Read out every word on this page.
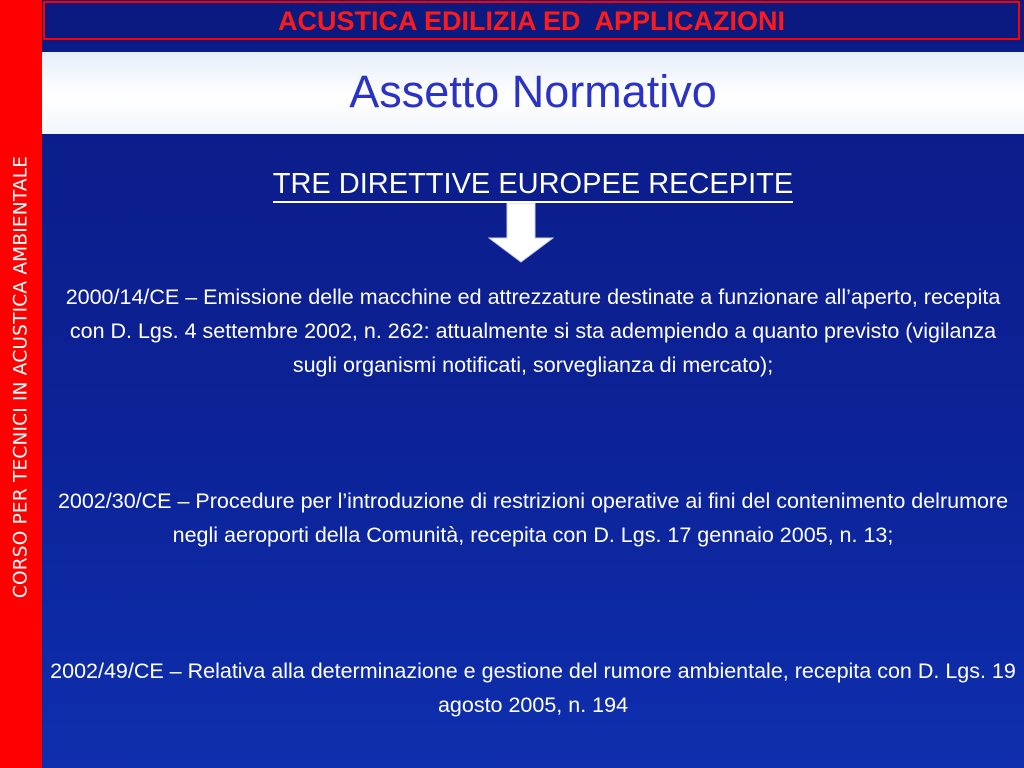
CORSO PER TECNICI IN ACUSTICA AMBIENTALE
ACUSTICA EDILIZIA ED  APPLICAZIONI
Assetto Normativo
TRE DIRETTIVE EUROPEE RECEPITE
2000/14/CE – Emissione delle macchine ed attrezzature destinate a funzionare all’aperto, recepita con D. Lgs. 4 settembre 2002, n. 262: attualmente si sta adempiendo a quanto previsto (vigilanza sugli organismi notificati, sorveglianza di mercato);
2002/30/CE – Procedure per l’introduzione di restrizioni operative ai fini del contenimento delrumore negli aeroporti della Comunità, recepita con D. Lgs. 17 gennaio 2005, n. 13;
2002/49/CE – Relativa alla determinazione e gestione del rumore ambientale, recepita con D. Lgs. 19 agosto 2005, n. 194
